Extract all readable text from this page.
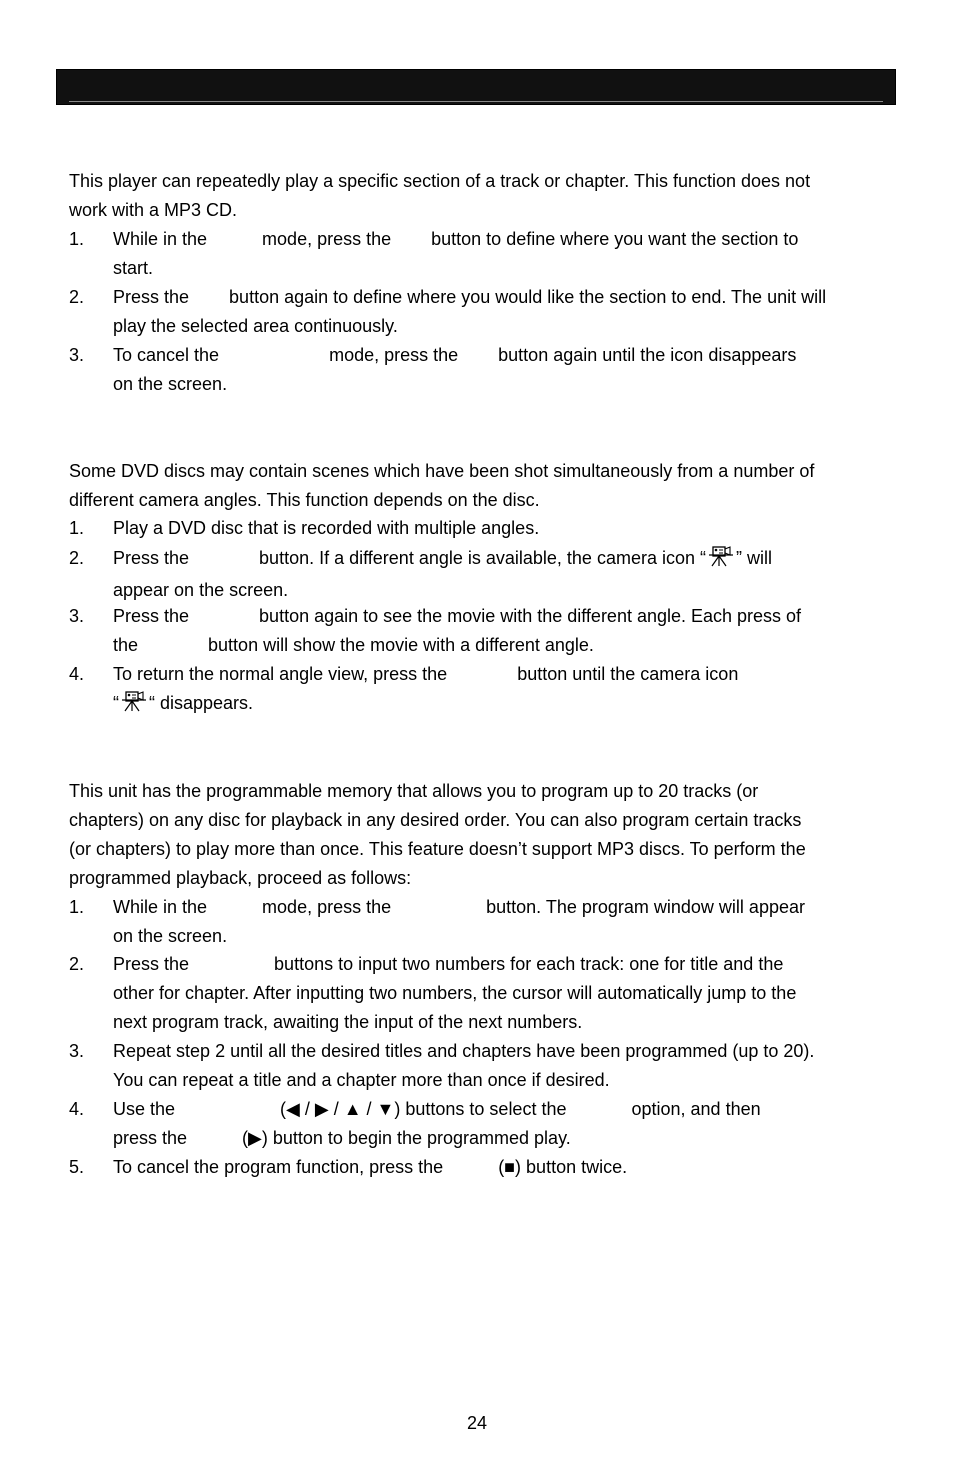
This player can repeatedly play a specific section of a track or chapter. This function does not
work with a MP3 CD.
1. While in the           mode, press the        button to define where you want the section to
start.
2. Press the        button again to define where you would like the section to end. The unit will
play the selected area continuously.
3. To cancel the                      mode, press the        button again until the icon disappears
on the screen.
Some DVD discs may contain scenes which have been shot simultaneously from a number of
different camera angles. This function depends on the disc.
1. Play a DVD disc that is recorded with multiple angles.
2. Press the              button. If a different angle is available, the camera icon “ ” will
appear on the screen.
3. Press the              button again to see the movie with the different angle. Each press of
the              button will show the movie with a different angle.
4. To return the normal angle view, press the              button until the camera icon
“ “ disappears.
This unit has the programmable memory that allows you to program up to 20 tracks (or
chapters) on any disc for playback in any desired order. You can also program certain tracks
(or chapters) to play more than once. This feature doesn’t support MP3 discs. To perform the
programmed playback, proceed as follows:
1. While in the           mode, press the                   button. The program window will appear
on the screen.
2. Press the                 buttons to input two numbers for each track: one for title and the
other for chapter. After inputting two numbers, the cursor will automatically jump to the
next program track, awaiting the input of the next numbers.
3. Repeat step 2 until all the desired titles and chapters have been programmed (up to 20).
You can repeat a title and a chapter more than once if desired.
4. Use the                     (◀ / ▶ / ▲ / ▼) buttons to select the             option, and then
press the           (▶) button to begin the programmed play.
5. To cancel the program function, press the           (■) button twice.
24
